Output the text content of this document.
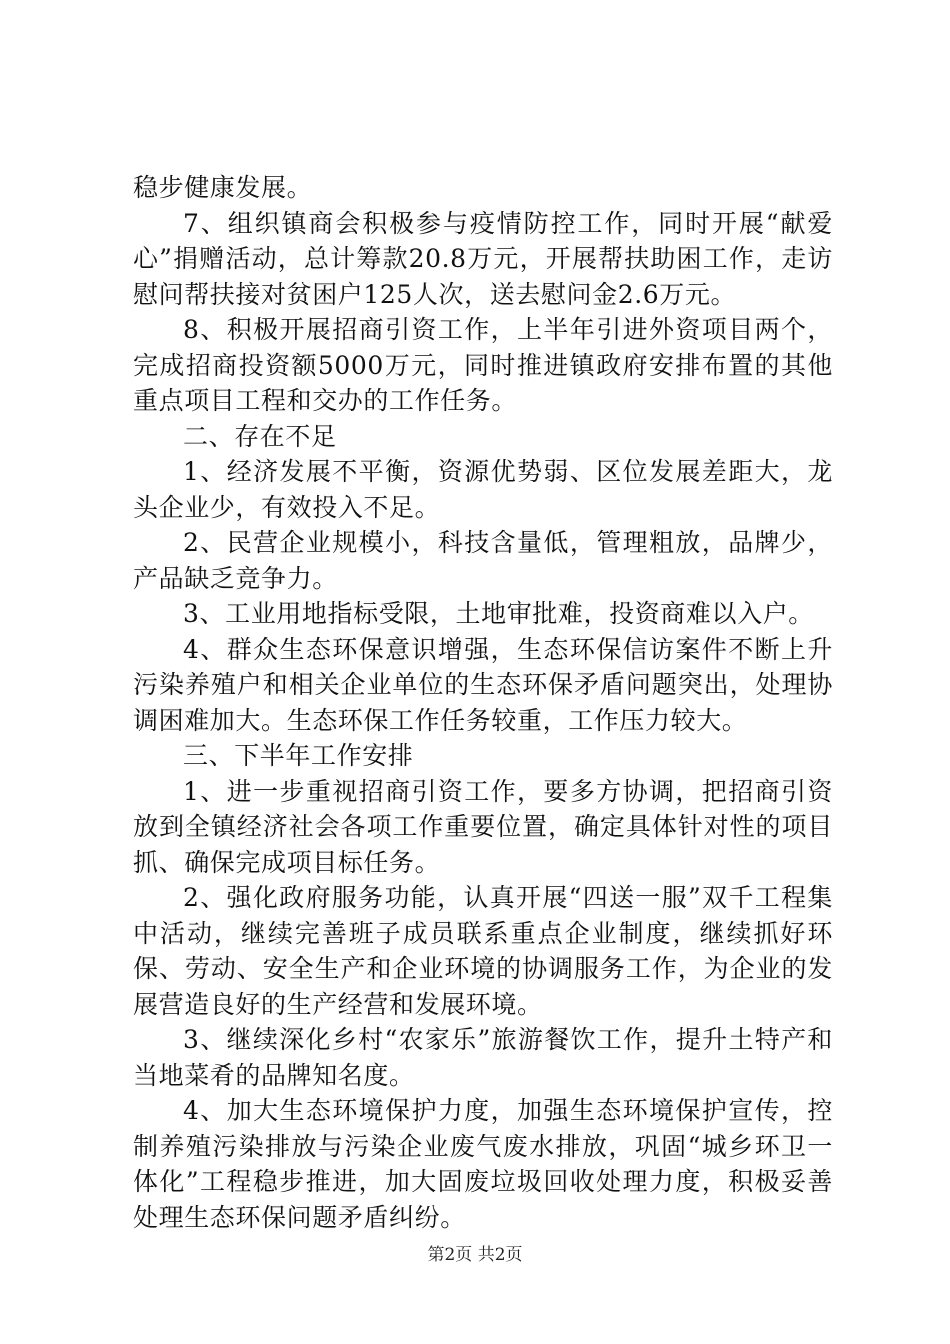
稳步健康发展。

7、组织镇商会积极参与疫情防控工作，同时开展“献爱心”捐赠活动，总计筹款20.8万元，开展帮扶助困工作，走访慰问帮扶接对贫困户125人次，送去慰问金2.6万元。

8、积极开展招商引资工作，上半年引进外资项目两个，完成招商投资额5000万元，同时推进镇政府安排布置的其他重点项目工程和交办的工作任务。

二、存在不足

1、经济发展不平衡，资源优势弱、区位发展差距大，龙头企业少，有效投入不足。

2、民营企业规模小，科技含量低，管理粗放，品牌少，产品缺乏竞争力。

3、工业用地指标受限，土地审批难，投资商难以入户。

4、群众生态环保意识增强，生态环保信访案件不断上升污染养殖户和相关企业单位的生态环保矛盾问题突出，处理协调困难加大。生态环保工作任务较重，工作压力较大。

三、下半年工作安排

1、进一步重视招商引资工作，要多方协调，把招商引资放到全镇经济社会各项工作重要位置，确定具体针对性的项目抓、确保完成项目标任务。

2、强化政府服务功能，认真开展“四送一服”双千工程集中活动，继续完善班子成员联系重点企业制度，继续抓好环保、劳动、安全生产和企业环境的协调服务工作，为企业的发展营造良好的生产经营和发展环境。

3、继续深化乡村“农家乐”旅游餐饮工作，提升土特产和当地菜肴的品牌知名度。

4、加大生态环境保护力度，加强生态环境保护宣传，控制养殖污染排放与污染企业废气废水排放，巩固“城乡环卫一体化”工程稳步推进，加大固废垃圾回收处理力度，积极妥善处理生态环保问题矛盾纠纷。

第2页 共2页
